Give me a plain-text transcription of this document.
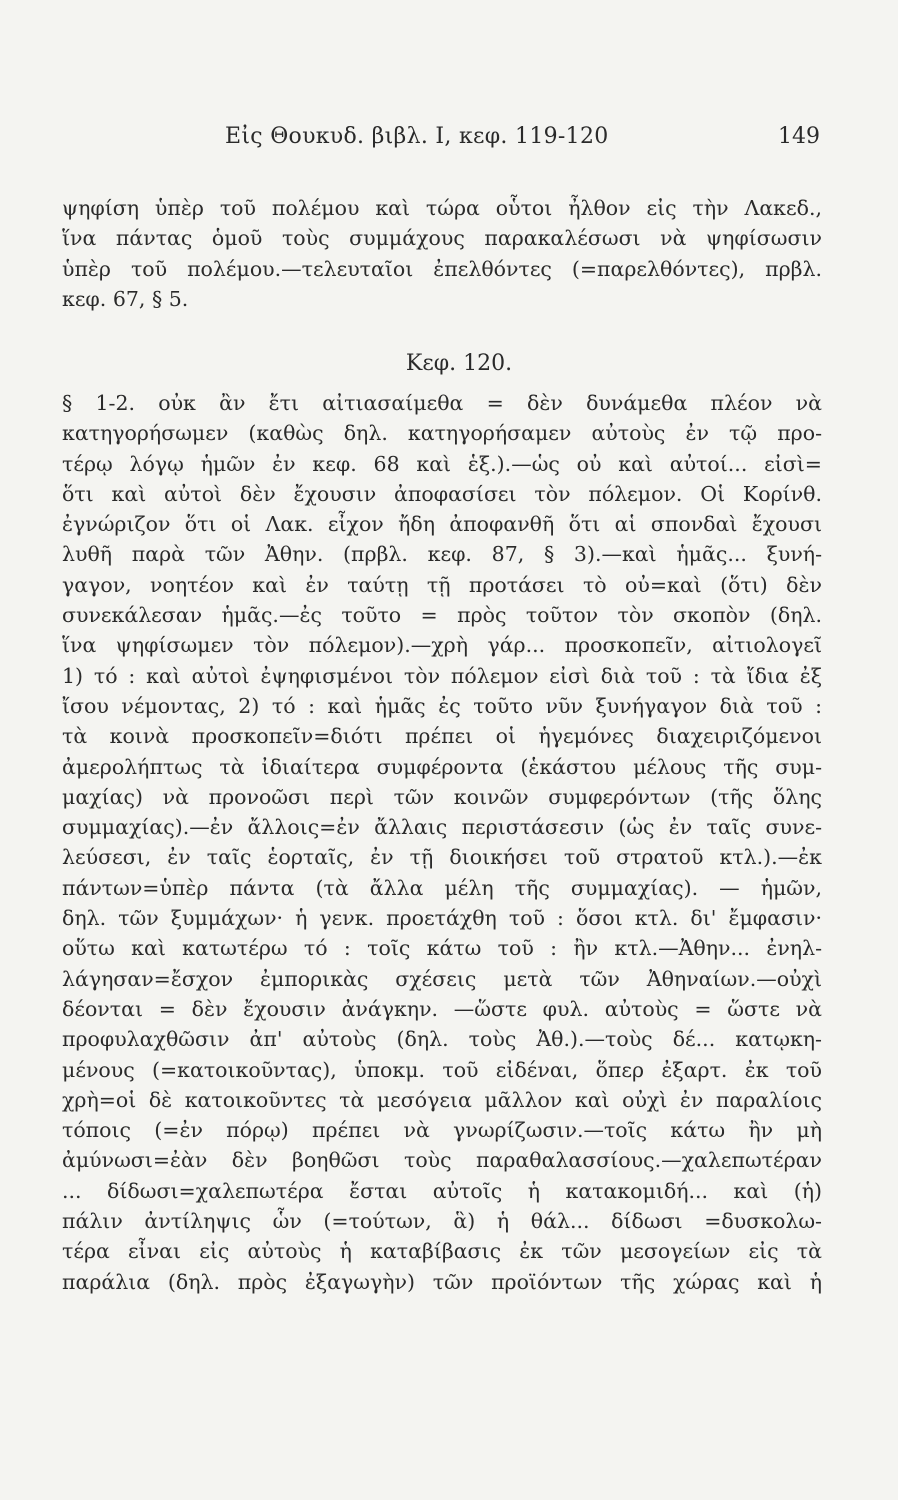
Εἰς Θουκυδ. βιβλ. Ι, κεφ. 119-120	149
ψηφίση ὑπὲρ τοῦ πολέμου καὶ τώρα οὗτοι ἦλθον εἰς τὴν Λακεδ.,
ἵνα πάντας ὁμοῦ τοὺς συμμάχους παρακαλέσωσι νὰ ψηφίσωσιν
ὑπὲρ τοῦ πολέμου.—τελευταῖοι ἐπελθόντες (=παρελθόντες), πρβλ.
κεφ. 67, § 5.
Κεφ. 120.
§ 1-2. οὐκ ἂν ἔτι αἰτιασαίμεθα = δὲν δυνάμεθα πλέον νὰ
κατηγορήσωμεν (καθὼς δηλ. κατηγορήσαμεν αὐτοὺς ἐν τῷ προ-
τέρῳ λόγῳ ἡμῶν ἐν κεφ. 68 καὶ ἑξ.).—ὡς οὐ καὶ αὐτοί... εἰσὶ=
ὅτι καὶ αὐτοὶ δὲν ἔχουσιν ἀποφασίσει τὸν πόλεμον. Οἱ Κορίνθ.
ἐγνώριζον ὅτι οἱ Λακ. εἶχον ἤδη ἀποφανθῆ ὅτι αἱ σπονδαὶ ἔχουσι
λυθῆ παρὰ τῶν Ἀθην. (πρβλ. κεφ. 87, § 3).—καὶ ἡμᾶς... ξυνή-
γαγον, νοητέον καὶ ἐν ταύτῃ τῇ προτάσει τὸ οὐ=καὶ (ὅτι) δὲν
συνεκάλεσαν ἡμᾶς.—ἐς τοῦτο = πρὸς τοῦτον τὸν σκοπὸν (δηλ.
ἵνα ψηφίσωμεν τὸν πόλεμον).—χρὴ γάρ... προσκοπεῖν, αἰτιολογεῖ
1) τό : καὶ αὐτοὶ ἐψηφισμένοι τὸν πόλεμον εἰσὶ διὰ τοῦ : τὰ ἴδια ἐξ
ἴσου νέμοντας, 2) τό : καὶ ἡμᾶς ἐς τοῦτο νῦν ξυνήγαγον διὰ τοῦ :
τὰ κοινὰ προσκοπεῖν=διότι πρέπει οἱ ἡγεμόνες διαχειριζόμενοι
ἀμερολήπτως τὰ ἰδιαίτερα συμφέροντα (ἑκάστου μέλους τῆς συμ-
μαχίας) νὰ προνοῶσι περὶ τῶν κοινῶν συμφερόντων (τῆς ὅλης
συμμαχίας).—ἐν ἄλλοις=ἐν ἄλλαις περιστάσεσιν (ὡς ἐν ταῖς συνε-
λεύσεσι, ἐν ταῖς ἑορταῖς, ἐν τῇ διοικήσει τοῦ στρατοῦ κτλ.).—ἐκ
πάντων=ὑπὲρ πάντα (τὰ ἄλλα μέλη τῆς συμμαχίας). — ἡμῶν,
δηλ. τῶν ξυμμάχων· ἡ γενκ. προετάχθη τοῦ : ὅσοι κτλ. δι' ἔμφασιν·
οὕτω καὶ κατωτέρω τό : τοῖς κάτω τοῦ : ἢν κτλ.—Ἀθην... ἐνηλ-
λάγησαν=ἔσχον ἐμπορικὰς σχέσεις μετὰ τῶν Ἀθηναίων.—οὐχὶ
δέονται = δὲν ἔχουσιν ἀνάγκην. —ὥστε φυλ. αὐτοὺς = ὥστε νὰ
προφυλαχθῶσιν ἀπ' αὐτοὺς (δηλ. τοὺς Ἀθ.).—τοὺς δέ... κατῳκη-
μένους (=κατοικοῦντας), ὑποκμ. τοῦ εἰδέναι, ὅπερ ἐξαρτ. ἐκ τοῦ
χρὴ=οἱ δὲ κατοικοῦντες τὰ μεσόγεια μᾶλλον καὶ οὐχὶ ἐν παραλίοις
τόποις (=ἐν πόρῳ) πρέπει νὰ γνωρίζωσιν.—τοῖς κάτω ἢν μὴ
ἀμύνωσι=ἐὰν δὲν βοηθῶσι τοὺς παραθαλασσίους.—χαλεπωτέραν
... δίδωσι=χαλεπωτέρα ἔσται αὐτοῖς ἡ κατακομιδή... καὶ (ἡ)
πάλιν ἀντίληψις ὧν (=τούτων, ἃ) ἡ θάλ... δίδωσι =δυσκολω-
τέρα εἶναι εἰς αὐτοὺς ἡ καταβίβασις ἐκ τῶν μεσογείων εἰς τὰ
παράλια (δηλ. πρὸς ἐξαγωγὴν) τῶν προϊόντων τῆς χώρας καὶ ἡ
